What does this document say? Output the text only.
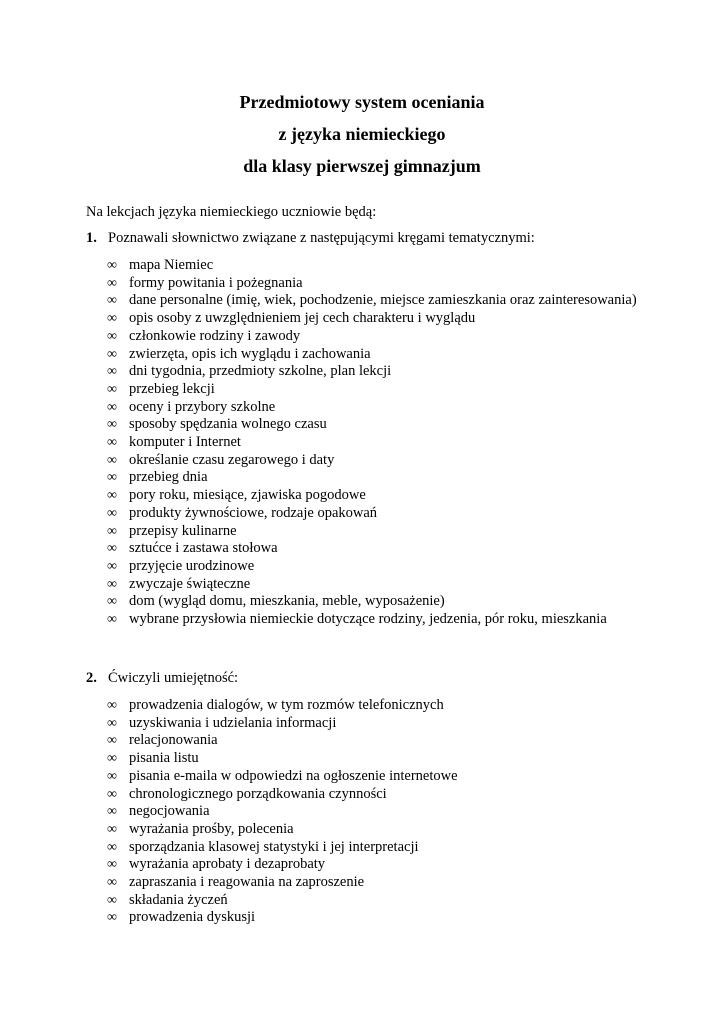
Przedmiotowy system oceniania
z języka niemieckiego
dla klasy pierwszej gimnazjum
Na lekcjach języka niemieckiego uczniowie będą:
1. Poznawali słownictwo związane z następującymi kręgami tematycznymi:
∞ mapa Niemiec
∞ formy powitania i pożegnania
∞ dane personalne (imię, wiek, pochodzenie, miejsce zamieszkania oraz zainteresowania)
∞ opis osoby z uwzględnieniem jej cech charakteru i wyglądu
∞ członkowie rodziny i zawody
∞ zwierzęta, opis ich wyglądu i zachowania
∞ dni tygodnia, przedmioty szkolne, plan lekcji
∞ przebieg lekcji
∞ oceny i przybory szkolne
∞ sposoby spędzania wolnego czasu
∞ komputer i Internet
∞ określanie czasu zegarowego i daty
∞ przebieg dnia
∞ pory roku, miesiące, zjawiska pogodowe
∞ produkty żywnościowe, rodzaje opakowań
∞ przepisy kulinarne
∞ sztućce i zastawa stołowa
∞ przyjęcie urodzinowe
∞ zwyczaje świąteczne
∞ dom (wygląd domu, mieszkania, meble, wyposażenie)
∞ wybrane przysłowia niemieckie dotyczące rodziny, jedzenia, pór roku, mieszkania
2. Ćwiczyli umiejętność:
∞ prowadzenia dialogów, w tym rozmów telefonicznych
∞ uzyskiwania i udzielania informacji
∞ relacjonowania
∞ pisania listu
∞ pisania e-maila w odpowiedzi na ogłoszenie internetowe
∞ chronologicznego porządkowania czynności
∞ negocjowania
∞ wyrażania prośby, polecenia
∞ sporządzania klasowej statystyki i jej interpretacji
∞ wyrażania aprobaty i dezaprobaty
∞ zapraszania i reagowania na zaproszenie
∞ składania życzeń
∞ prowadzenia dyskusji
